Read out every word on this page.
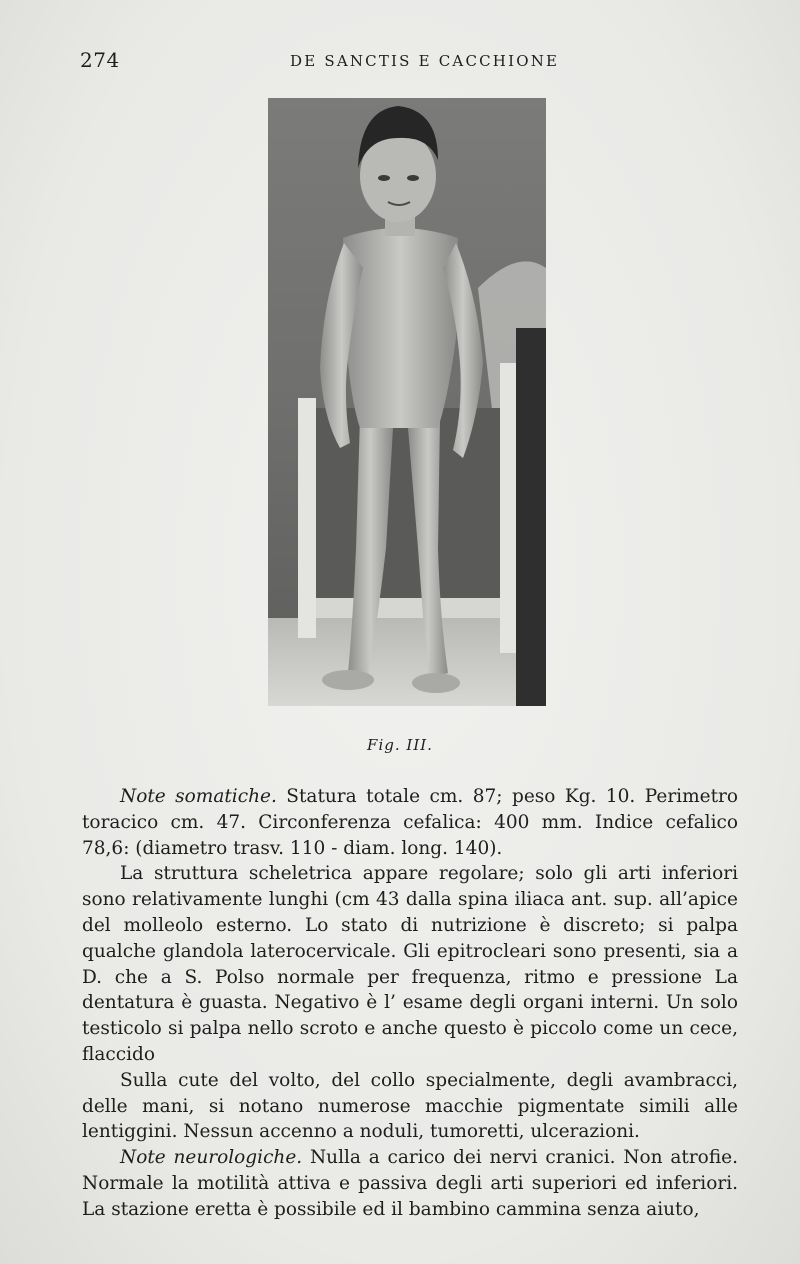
274	DE SANCTIS E CACCHIONE
Fig. III.

Note somatiche. Statura totale cm. 87; peso Kg. 10. Perimetro toracico cm. 47. Circonferenza cefalica: 400 mm. Indice cefalico 78,6: (diametro trasv. 110 - diam. long. 140).

La struttura scheletrica appare regolare; solo gli arti inferiori sono relativamente lunghi (cm 43 dalla spina iliaca ant. sup. all’apice del molleolo esterno. Lo stato di nutrizione è discreto; si palpa qualche glandola laterocervicale. Gli epitrocleari sono presenti, sia a D. che a S. Polso normale per frequenza, ritmo e pressione La dentatura è guasta. Negativo è l’ esame degli organi interni. Un solo testicolo si palpa nello scroto e anche questo è piccolo come un cece, flaccido

Sulla cute del volto, del collo specialmente, degli avambracci, delle mani, si notano numerose macchie pigmentate simili alle lentiggini. Nessun accenno a noduli, tumoretti, ulcerazioni.

Note neurologiche. Nulla a carico dei nervi cranici. Non atrofie. Normale la motilità attiva e passiva degli arti superiori ed inferiori. La stazione eretta è possibile ed il bambino cammina senza aiuto,
